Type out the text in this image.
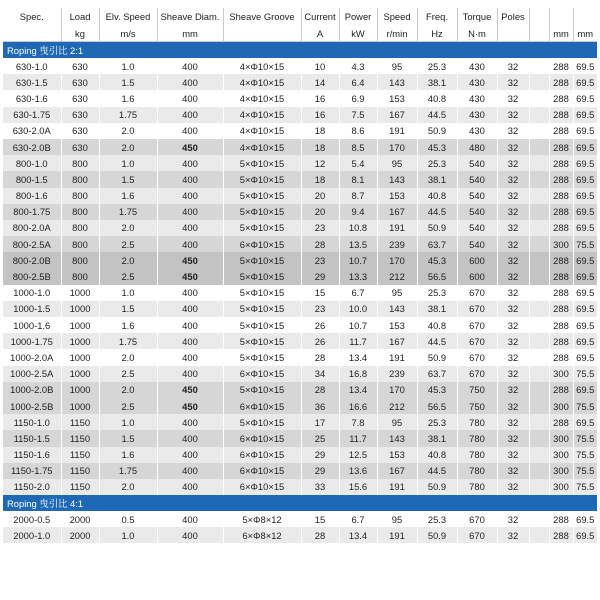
Spec.	Load	Elv. Speed	Sheave Diam.	Sheave Groove	Current	Power	Speed	Freq.	Torque	Poles			
	kg	m/s	mm		A	kW	r/min	Hz	N·m			mm	mm
Roping 曳引比 2:1													
630-1.0	630	1.0	400	4×Φ10×15	10	4.3	95	25.3	430	32		288	69.5
630-1.5	630	1.5	400	4×Φ10×15	14	6.4	143	38.1	430	32		288	69.5
630-1.6	630	1.6	400	4×Φ10×15	16	6.9	153	40.8	430	32		288	69.5
630-1.75	630	1.75	400	4×Φ10×15	16	7.5	167	44.5	430	32		288	69.5
630-2.0A	630	2.0	400	4×Φ10×15	18	8.6	191	50.9	430	32		288	69.5
630-2.0B	630	2.0	450	4×Φ10×15	18	8.5	170	45.3	480	32		288	69.5
800-1.0	800	1.0	400	5×Φ10×15	12	5.4	95	25.3	540	32		288	69.5
800-1.5	800	1.5	400	5×Φ10×15	18	8.1	143	38.1	540	32		288	69.5
800-1.6	800	1.6	400	5×Φ10×15	20	8.7	153	40.8	540	32		288	69.5
800-1.75	800	1.75	400	5×Φ10×15	20	9.4	167	44.5	540	32		288	69.5
800-2.0A	800	2.0	400	5×Φ10×15	23	10.8	191	50.9	540	32		288	69.5
800-2.5A	800	2.5	400	6×Φ10×15	28	13.5	239	63.7	540	32		300	75.5
800-2.0B	800	2.0	450	5×Φ10×15	23	10.7	170	45.3	600	32		288	69.5
800-2.5B	800	2.5	450	5×Φ10×15	29	13.3	212	56.5	600	32		288	69.5
1000-1.0	1000	1.0	400	5×Φ10×15	15	6.7	95	25.3	670	32		288	69.5
1000-1.5	1000	1.5	400	5×Φ10×15	23	10.0	143	38.1	670	32		288	69.5
1000-1.6	1000	1.6	400	5×Φ10×15	26	10.7	153	40.8	670	32		288	69.5
1000-1.75	1000	1.75	400	5×Φ10×15	26	11.7	167	44.5	670	32		288	69.5
1000-2.0A	1000	2.0	400	5×Φ10×15	28	13.4	191	50.9	670	32		288	69.5
1000-2.5A	1000	2.5	400	6×Φ10×15	34	16.8	239	63.7	670	32		300	75.5
1000-2.0B	1000	2.0	450	5×Φ10×15	28	13.4	170	45.3	750	32		288	69.5
1000-2.5B	1000	2.5	450	6×Φ10×15	36	16.6	212	56.5	750	32		300	75.5
1150-1.0	1150	1.0	400	5×Φ10×15	17	7.8	95	25.3	780	32		288	69.5
1150-1.5	1150	1.5	400	6×Φ10×15	25	11.7	143	38.1	780	32		300	75.5
1150-1.6	1150	1.6	400	6×Φ10×15	29	12.5	153	40.8	780	32		300	75.5
1150-1.75	1150	1.75	400	6×Φ10×15	29	13.6	167	44.5	780	32		300	75.5
1150-2.0	1150	2.0	400	6×Φ10×15	33	15.6	191	50.9	780	32		300	75.5
Roping 曳引比 4:1													
2000-0.5	2000	0.5	400	5×Φ8×12	15	6.7	95	25.3	670	32		288	69.5
2000-1.0	2000	1.0	400	6×Φ8×12	28	13.4	191	50.9	670	32		288	69.5
